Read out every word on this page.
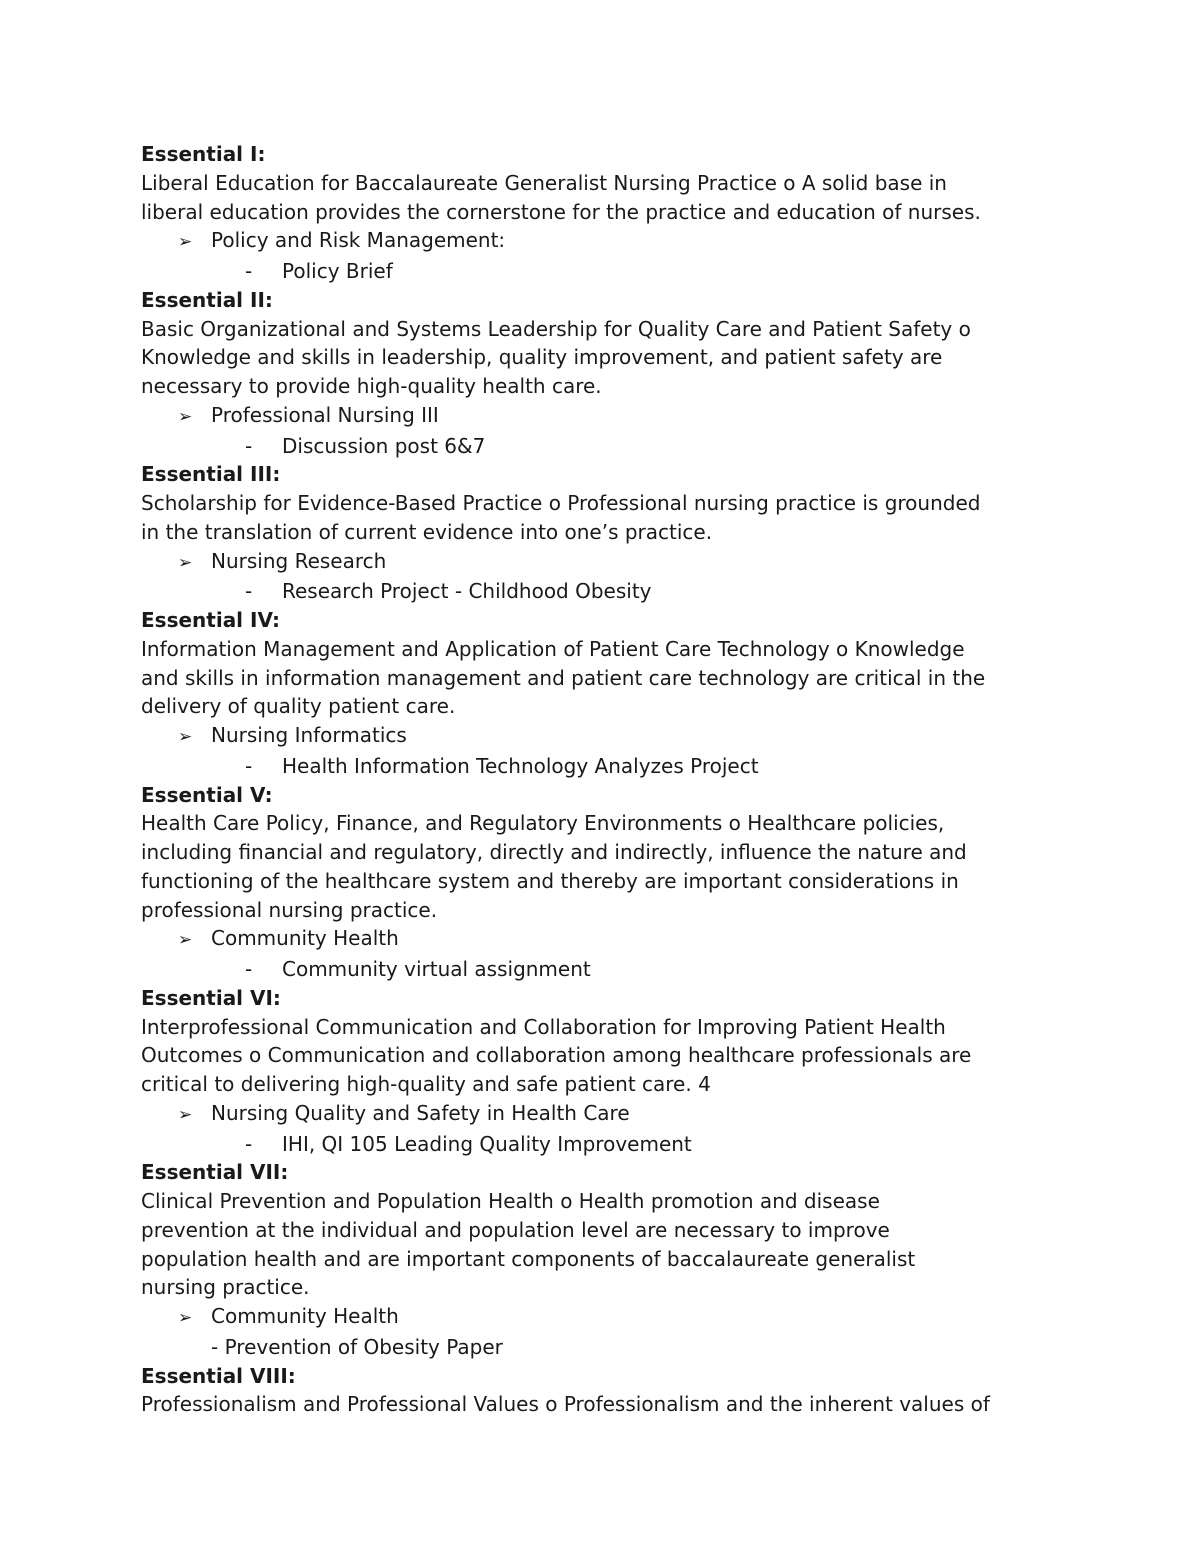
Essential I:
Liberal Education for Baccalaureate Generalist Nursing Practice o A solid base in
liberal education provides the cornerstone for the practice and education of nurses.
➢ Policy and Risk Management:
- Policy Brief
Essential II:
Basic Organizational and Systems Leadership for Quality Care and Patient Safety o
Knowledge and skills in leadership, quality improvement, and patient safety are
necessary to provide high-quality health care.
➢ Professional Nursing III
- Discussion post 6&7
Essential III:
Scholarship for Evidence-Based Practice o Professional nursing practice is grounded
in the translation of current evidence into one’s practice.
➢ Nursing Research
- Research Project - Childhood Obesity
Essential IV:
Information Management and Application of Patient Care Technology o Knowledge
and skills in information management and patient care technology are critical in the
delivery of quality patient care.
➢ Nursing Informatics
- Health Information Technology Analyzes Project
Essential V:
Health Care Policy, Finance, and Regulatory Environments o Healthcare policies,
including financial and regulatory, directly and indirectly, influence the nature and
functioning of the healthcare system and thereby are important considerations in
professional nursing practice.
➢ Community Health
- Community virtual assignment
Essential VI:
Interprofessional Communication and Collaboration for Improving Patient Health
Outcomes o Communication and collaboration among healthcare professionals are
critical to delivering high-quality and safe patient care. 4
➢ Nursing Quality and Safety in Health Care
- IHI, QI 105 Leading Quality Improvement
Essential VII:
Clinical Prevention and Population Health o Health promotion and disease
prevention at the individual and population level are necessary to improve
population health and are important components of baccalaureate generalist
nursing practice.
➢ Community Health
- Prevention of Obesity Paper
Essential VIII:
Professionalism and Professional Values o Professionalism and the inherent values of
